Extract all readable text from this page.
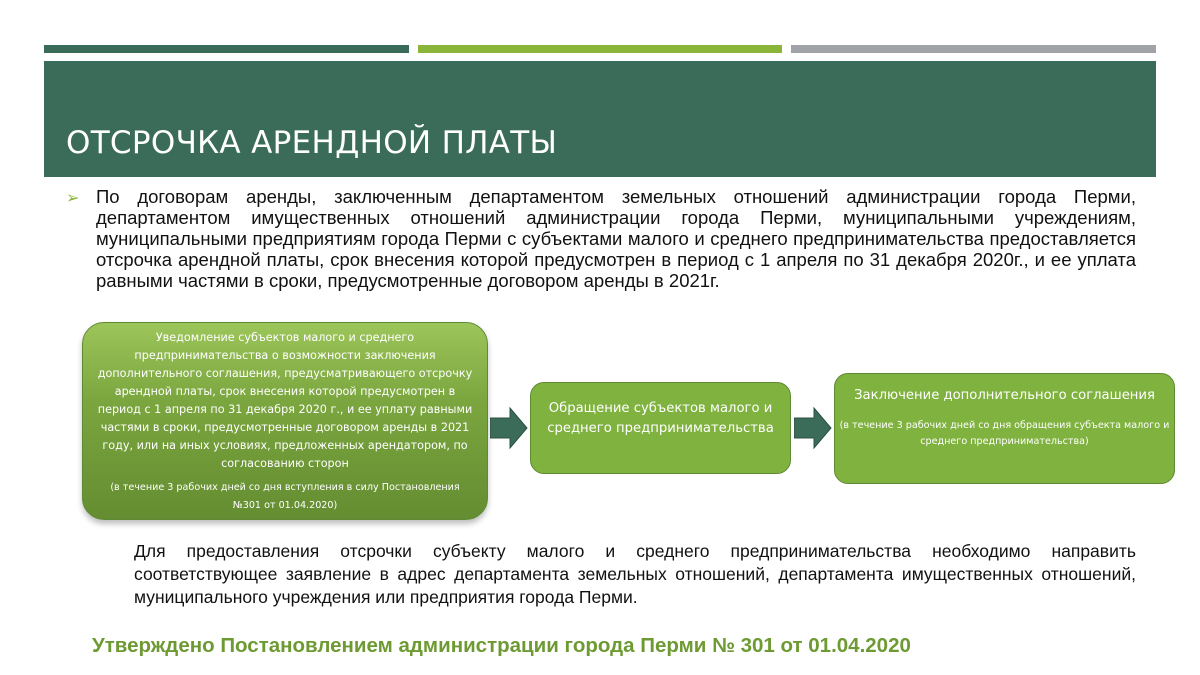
ОТСРОЧКА АРЕНДНОЙ ПЛАТЫ
➢ По договорам аренды, заключенным департаментом земельных отношений администрации города Перми, департаментом имущественных отношений администрации города Перми, муниципальными учреждениям, муниципальными предприятиям города Перми с субъектами малого и среднего предпринимательства предоставляется отсрочка арендной платы, срок внесения которой предусмотрен в период с 1 апреля по 31 декабря 2020г., и ее уплата равными частями в сроки, предусмотренные договором аренды в 2021г.
Уведомление субъектов малого и среднего предпринимательства о возможности заключения дополнительного соглашения, предусматривающего отсрочку арендной платы, срок внесения которой предусмотрен в период с 1 апреля по 31 декабря 2020 г., и ее уплату равными частями в сроки, предусмотренные договором аренды в 2021 году, или на иных условиях, предложенных арендатором, по согласованию сторон
(в течение 3 рабочих дней со дня вступления в силу Постановления №301 от 01.04.2020)
Обращение субъектов малого и среднего предпринимательства
Заключение дополнительного соглашения
(в течение 3 рабочих дней со дня обращения субъекта малого и среднего предпринимательства)
Для предоставления отсрочки субъекту малого и среднего предпринимательства необходимо направить соответствующее заявление в адрес департамента земельных отношений, департамента имущественных отношений, муниципального учреждения или предприятия города Перми.
Утверждено Постановлением администрации города Перми № 301 от 01.04.2020
